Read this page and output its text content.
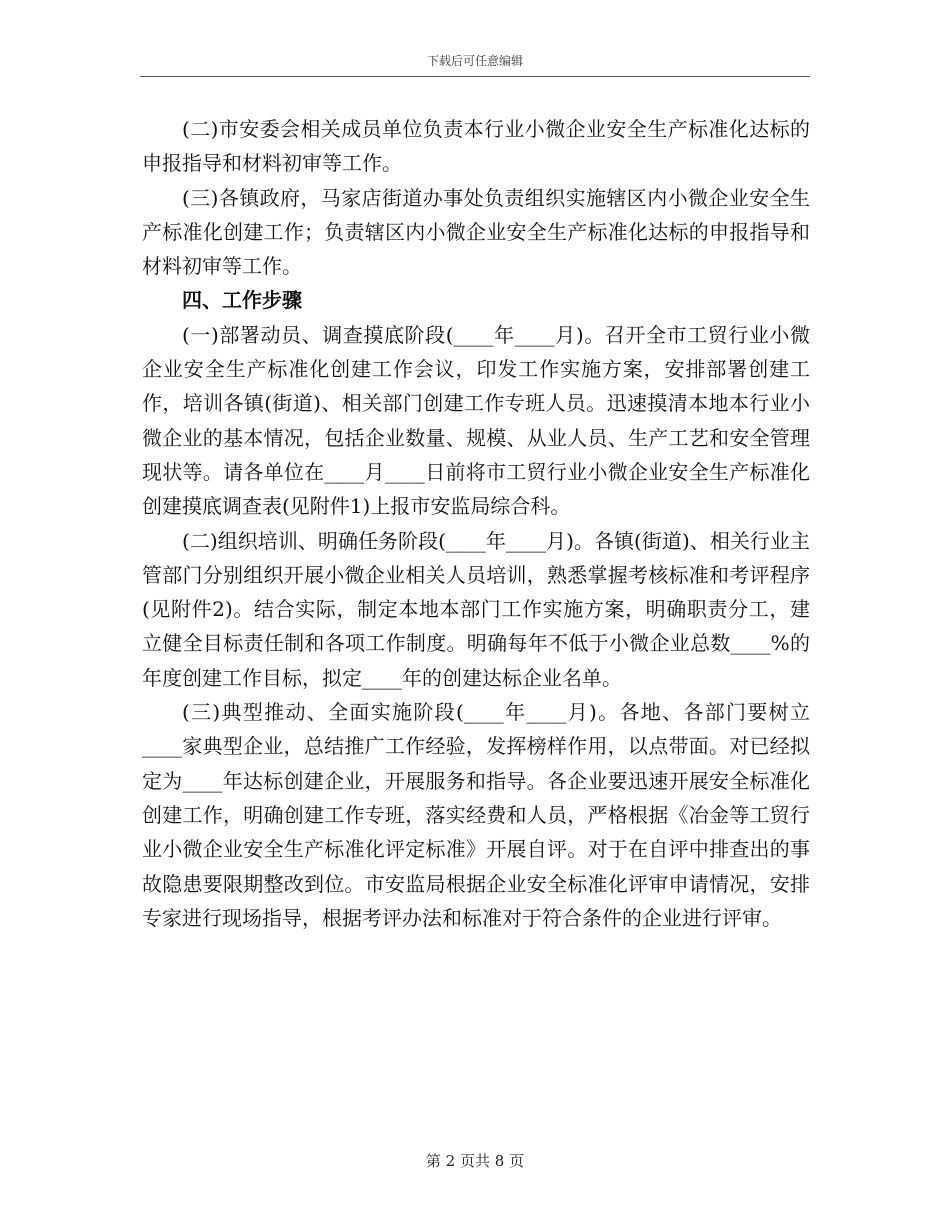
下载后可任意编辑

(二)市安委会相关成员单位负责本行业小微企业安全生产标准化达标的申报指导和材料初审等工作。

(三)各镇政府，马家店街道办事处负责组织实施辖区内小微企业安全生产标准化创建工作；负责辖区内小微企业安全生产标准化达标的申报指导和材料初审等工作。

四、工作步骤

(一)部署动员、调查摸底阶段(____年____月)。召开全市工贸行业小微企业安全生产标准化创建工作会议，印发工作实施方案，安排部署创建工作，培训各镇(街道)、相关部门创建工作专班人员。迅速摸清本地本行业小微企业的基本情况，包括企业数量、规模、从业人员、生产工艺和安全管理现状等。请各单位在____月____日前将市工贸行业小微企业安全生产标准化创建摸底调查表(见附件1)上报市安监局综合科。

(二)组织培训、明确任务阶段(____年____月)。各镇(街道)、相关行业主管部门分别组织开展小微企业相关人员培训，熟悉掌握考核标准和考评程序(见附件2)。结合实际，制定本地本部门工作实施方案，明确职责分工，建立健全目标责任制和各项工作制度。明确每年不低于小微企业总数____%的年度创建工作目标，拟定____年的创建达标企业名单。

(三)典型推动、全面实施阶段(____年____月)。各地、各部门要树立____家典型企业，总结推广工作经验，发挥榜样作用，以点带面。对已经拟定为____年达标创建企业，开展服务和指导。各企业要迅速开展安全标准化创建工作，明确创建工作专班，落实经费和人员，严格根据《冶金等工贸行业小微企业安全生产标准化评定标准》开展自评。对于在自评中排查出的事故隐患要限期整改到位。市安监局根据企业安全标准化评审申请情况，安排专家进行现场指导，根据考评办法和标准对于符合条件的企业进行评审。

第 2 页共 8 页
